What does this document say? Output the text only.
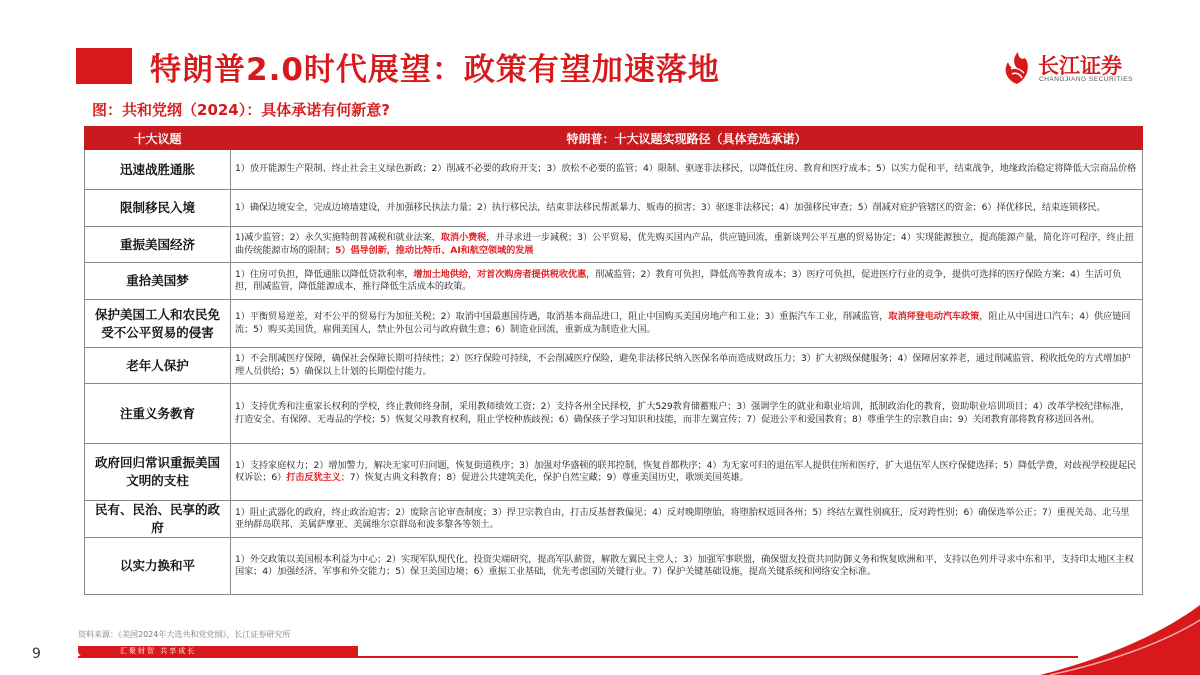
特朗普2.0时代展望：政策有望加速落地	长江证券
CHANGJIANG SECURITIES
图：共和党纲（2024）：具体承诺有何新意?
十大议题	特朗普：十大议题实现路径（具体竞选承诺）
迅速战胜通胀	1）放开能源生产限制、终止社会主义绿色新政；2）削减不必要的政府开支；3）放松不必要的监管；4）限制、驱逐非法移民，以降低住房、教育和医疗成本；5）以实力促和平，结束战争，地缘政治稳定将降低大宗商品价格
限制移民入境	1）确保边境安全，完成边境墙建设，并加强移民执法力量；2）执行移民法，结束非法移民帮派暴力、贩毒的损害；3）驱逐非法移民；4）加强移民审查；5）削减对庇护管辖区的资金；6）择优移民，结束连锁移民。
重振美国经济	1)减少监管；2）永久实施特朗普减税和就业法案，取消小费税，并寻求进一步减税；3）公平贸易，优先购买国内产品，供应链回流，重新谈判公平互惠的贸易协定；4）实现能源独立，提高能源产量，简化许可程序，终止扭曲传统能源市场的限制；5）倡导创新，推动比特币、AI和航空领域的发展
重拾美国梦	1）住房可负担，降低通胀以降低贷款利率，增加土地供给，对首次购房者提供税收优惠，削减监管；2）教育可负担，降低高等教育成本；3）医疗可负担，促进医疗行业的竞争，提供可选择的医疗保险方案；4）生活可负担，削减监管，降低能源成本，推行降低生活成本的政策。
保护美国工人和农民免受不公平贸易的侵害	1）平衡贸易逆差，对不公平的贸易行为加征关税；2）取消中国最惠国待遇，取消基本商品进口，阻止中国购买美国房地产和工业；3）重振汽车工业，削减监管，取消拜登电动汽车政策，阻止从中国进口汽车；4）供应链回流；5）购买美国货，雇佣美国人，禁止外包公司与政府做生意；6）制造业回流，重新成为制造业大国。
老年人保护	1）不会削减医疗保障，确保社会保障长期可持续性；2）医疗保险可持续，不会削减医疗保险，避免非法移民纳入医保名单而造成财政压力；3）扩大初级保健服务；4）保障居家养老，通过削减监管、税收抵免的方式增加护理人员供给；5）确保以上计划的长期偿付能力。
注重义务教育	1）支持优秀和注重家长权利的学校，终止教师终身制，采用教师绩效工资；2）支持各州全民择校，扩大529教育储蓄账户；3）强调学生的就业和职业培训，抵制政治化的教育，资助职业培训项目；4）改革学校纪律标准，打造安全、有保障、无毒品的学校；5）恢复父母教育权利，阻止学校种族歧视；6）确保孩子学习知识和技能，而非左翼宣传；7）促进公平和爱国教育；8）尊重学生的宗教自由；9）关闭教育部将教育移送回各州。
政府回归常识重振美国文明的支柱	1）支持家庭权力；2）增加警力，解决无家可归问题，恢复街道秩序；3）加强对华盛顿的联邦控制，恢复首都秩序；4）为无家可归的退伍军人提供住所和医疗，扩大退伍军人医疗保健选择；5）降低学费，对歧视学校提起民权诉讼；6）打击反犹主义；7）恢复古典文科教育；8）促进公共建筑美化，保护自然宝藏；9）尊重美国历史，歌颂美国英雄。
民有、民治、民享的政府	1）阻止武器化的政府，终止政治迫害；2）废除言论审查制度；3）捍卫宗教自由，打击反基督教偏见；4）反对晚期堕胎，将堕胎权返回各州；5）终结左翼性别疯狂，反对跨性别；6）确保选举公正；7）重视关岛、北马里亚纳群岛联邦、美属萨摩亚、美属维尔京群岛和波多黎各等领土。
以实力换和平	1）外交政策以美国根本利益为中心；2）实现军队现代化，投资尖端研究，提高军队薪资，解散左翼民主党人；3）加强军事联盟，确保盟友投资共同防御义务和恢复欧洲和平，支持以色列并寻求中东和平，支持印太地区主权国家；4）加强经济、军事和外交能力；5）保卫美国边境；6）重振工业基础，优先考虑国防关键行业。7）保护关键基础设施，提高关键系统和网络安全标准。
资料来源：《美国2024年大选共和党党纲》，长江证券研究所
汇聚财智 共享成长
9
